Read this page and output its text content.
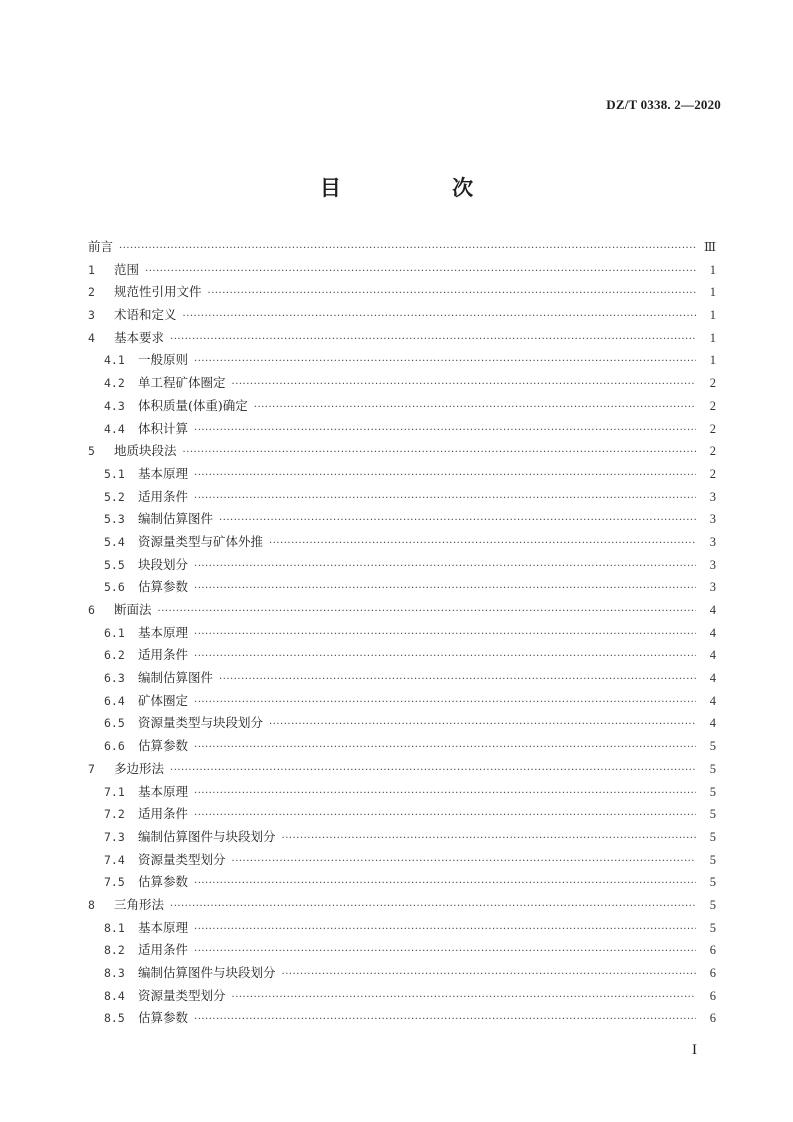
DZ/T 0338. 2—2020
目 次
前言 ·····	Ⅲ
1	范围 ·····	1
2	规范性引用文件 ·····	1
3	术语和定义 ·····	1
4	基本要求 ·····	1
4.1	一般原则 ·····	1
4.2	单工程矿体圈定 ·····	2
4.3	体积质量(体重)确定 ·····	2
4.4	体积计算 ·····	2
5	地质块段法 ·····	2
5.1	基本原理 ·····	2
5.2	适用条件 ·····	3
5.3	编制估算图件 ·····	3
5.4	资源量类型与矿体外推 ·····	3
5.5	块段划分 ·····	3
5.6	估算参数 ·····	3
6	断面法 ·····	4
6.1	基本原理 ·····	4
6.2	适用条件 ·····	4
6.3	编制估算图件 ·····	4
6.4	矿体圈定 ·····	4
6.5	资源量类型与块段划分 ·····	4
6.6	估算参数 ·····	5
7	多边形法 ·····	5
7.1	基本原理 ·····	5
7.2	适用条件 ·····	5
7.3	编制估算图件与块段划分 ·····	5
7.4	资源量类型划分 ·····	5
7.5	估算参数 ·····	5
8	三角形法 ·····	5
8.1	基本原理 ·····	5
8.2	适用条件 ·····	6
8.3	编制估算图件与块段划分 ·····	6
8.4	资源量类型划分 ·····	6
8.5	估算参数 ·····	6
I
